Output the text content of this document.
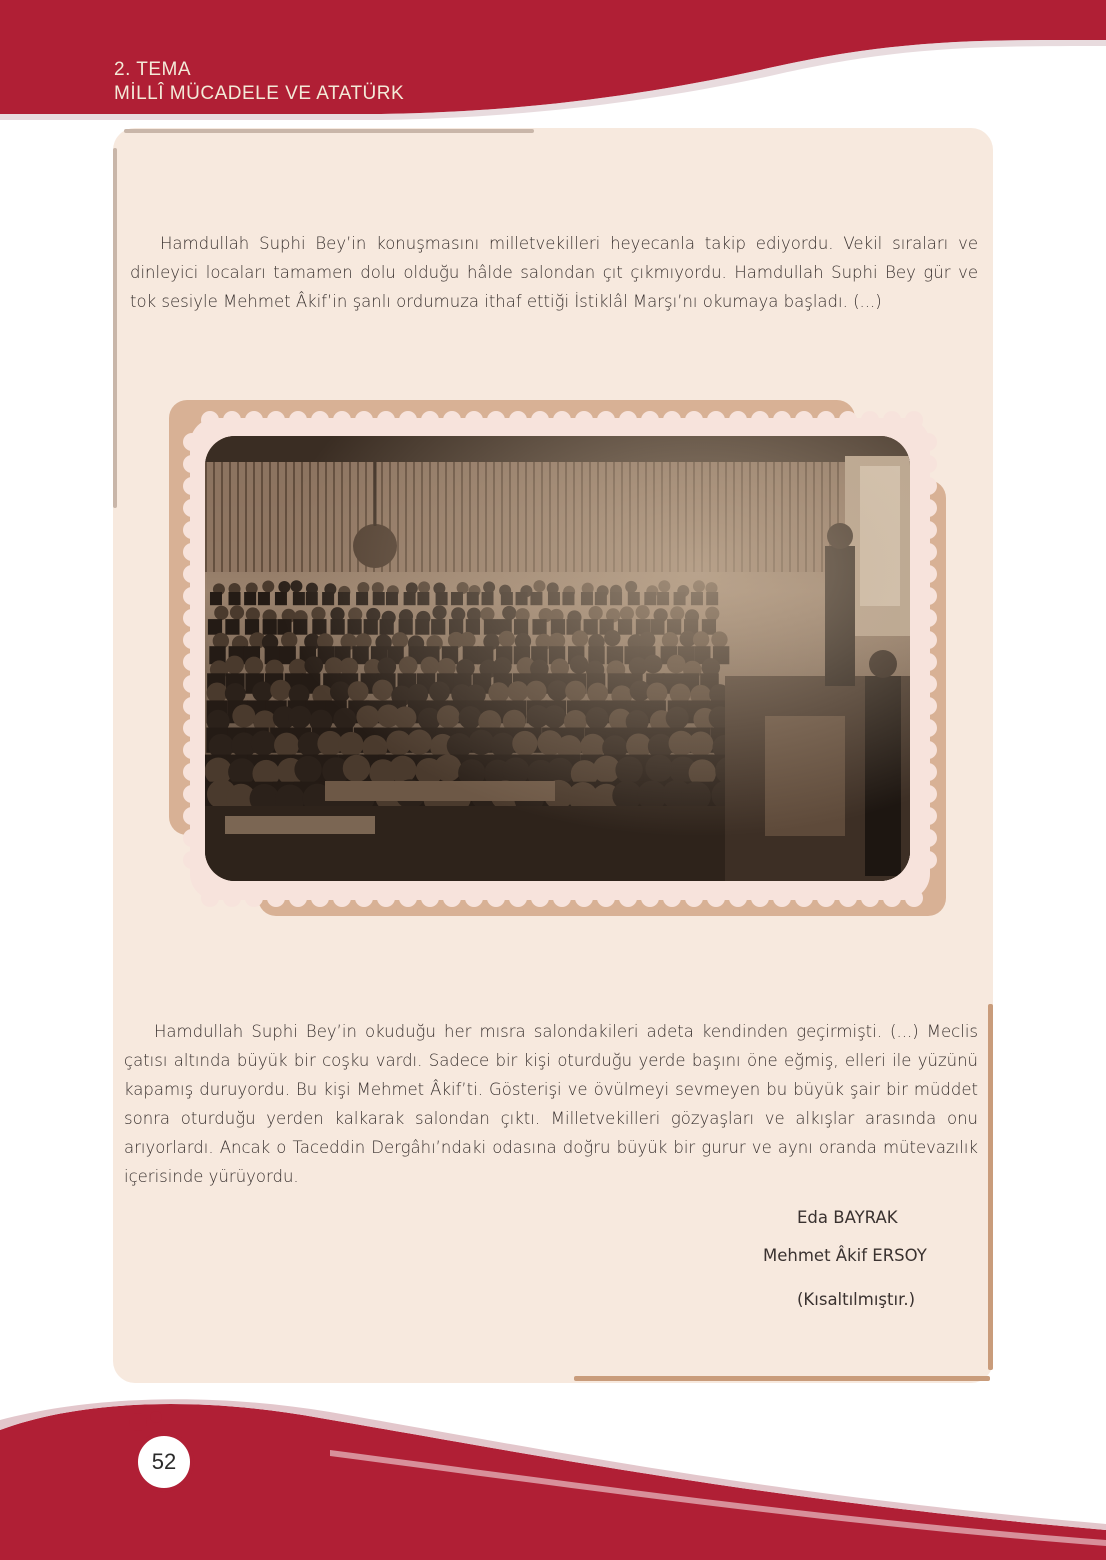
2. TEMA
MİLLÎ MÜCADELE VE ATATÜRK

Hamdullah Suphi Bey’in konuşmasını milletvekilleri heyecanla takip ediyordu. Vekil sıraları ve dinleyici locaları tamamen dolu olduğu hâlde salondan çıt çıkmıyordu. Hamdullah Suphi Bey gür ve tok sesiyle Mehmet Âkif’in şanlı ordumuza ithaf ettiği İstiklâl Marşı’nı okumaya başladı. (...)

Hamdullah Suphi Bey’in okuduğu her mısra salondakileri adeta kendinden geçirmişti. (...) Meclis çatısı altında büyük bir coşku vardı. Sadece bir kişi oturduğu yerde başını öne eğmiş, elleri ile yüzünü kapamış duruyordu. Bu kişi Mehmet Âkif’ti. Gösterişi ve övülmeyi sevmeyen bu büyük şair bir müddet sonra oturduğu yerden kalkarak salondan çıktı. Milletvekilleri gözyaşları ve alkışlar arasında onu arıyorlardı. Ancak o Taceddin Dergâhı’ndaki odasına doğru büyük bir gurur ve aynı oranda mütevazılık içerisinde yürüyordu.

Eda BAYRAK
Mehmet Âkif ERSOY
(Kısaltılmıştır.)
52
